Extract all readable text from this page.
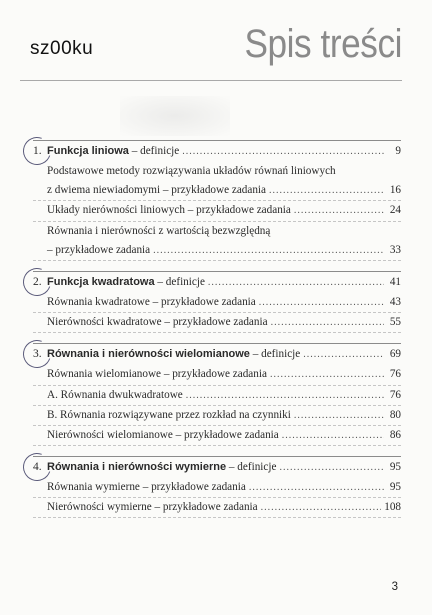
sz00ku	Spis treści
1. Funkcja liniowa – definicje .....	9
Podstawowe metody rozwiązywania układów równań liniowych
z dwiema niewiadomymi – przykładowe zadania .....	16
Układy nierówności liniowych – przykładowe zadania .....	24
Równania i nierówności z wartością bezwzględną
– przykładowe zadania .....	33
2. Funkcja kwadratowa – definicje .....	41
Równania kwadratowe – przykładowe zadania .....	43
Nierówności kwadratowe – przykładowe zadania .....	55
3. Równania i nierówności wielomianowe – definicje .....	69
Równania wielomianowe – przykładowe zadania .....	76
A. Równania dwukwadratowe .....	76
B. Równania rozwiązywane przez rozkład na czynniki .....	80
Nierówności wielomianowe – przykładowe zadania .....	86
4. Równania i nierówności wymierne – definicje .....	95
Równania wymierne – przykładowe zadania .....	95
Nierówności wymierne – przykładowe zadania .....	108
3
